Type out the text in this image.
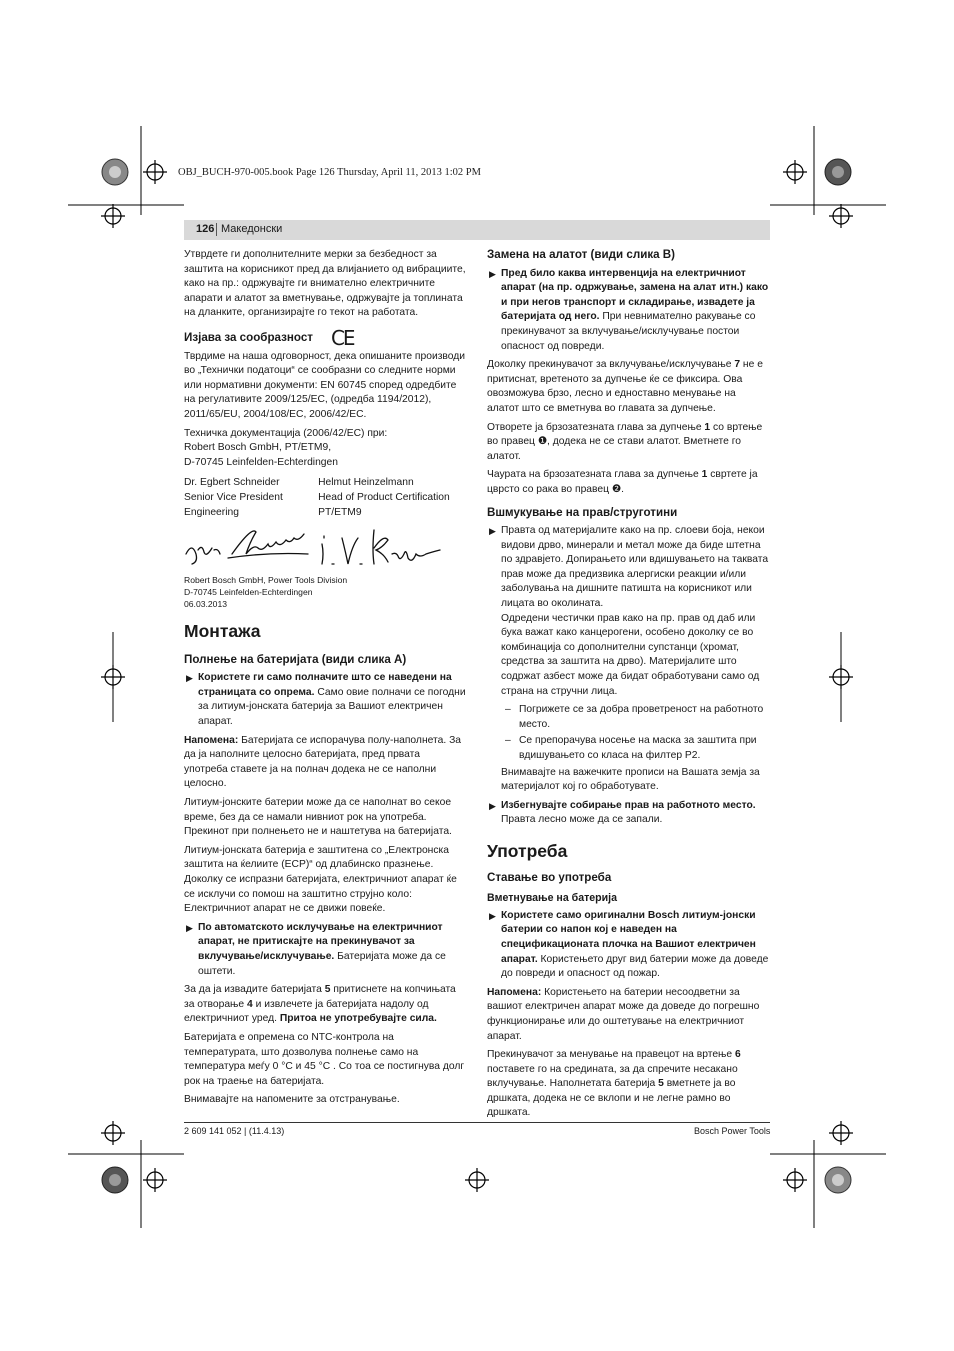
OBJ_BUCH-970-005.book Page 126 Thursday, April 11, 2013 1:02 PM
126 Македонски

Утврдете ги дополнителните мерки за безбедност за заштита на корисникот пред да влијанието од вибрациите, како на пр.: одржувајте ги внимателно електричните апарати и алатот за вметнување, одржувајте ја топлината на дланките, организирајте го текот на работата.

Изјава за сообразност CE

Тврдиме на наша одговорност, дека опишаните производи во „Технички податоци“ се сообразни со следните норми или нормативни документи: EN 60745 според одредбите на регулативите 2009/125/EC, (одредба 1194/2012), 2011/65/EU, 2004/108/EC, 2006/42/EC.

Техничка документација (2006/42/EC) при:
Robert Bosch GmbH, PT/ETM9,
D-70745 Leinfelden-Echterdingen

Dr. Egbert Schneider
Senior Vice President
Engineering
Helmut Heinzelmann
Head of Product Certification
PT/ETM9

Robert Bosch GmbH, Power Tools Division
D-70745 Leinfelden-Echterdingen
06.03.2013

Монтажа
Полнење на батеријата (види слика A)
▶ Користете ги само полначите што се наведени на страницата со опрема. Само овие полначи се погодни за литиум-јонската батерија за Вашиот електричен апарат.

Напомена: Батеријата се испорачува полу-наполнета. За да ја наполните целосно батеријата, пред првата употреба ставете ја на полнач додека не се наполни целосно.

Литиум-јонските батерии може да се наполнат во секое време, без да се намали нивниот рок на употреба. Прекинот при полнењето не и наштетува на батеријата.

Литиум-јонската батерија е заштитена со „Електронска заштита на ќелиите (ECP)“ од длабинско празнење. Доколку се испразни батеријата, електричниот апарат ќе се исклучи со помош на заштитно струјно коло: Електричниот апарат не се движи повеќе.

▶ По автоматското исклучување на електричниот апарат, не притискајте на прекинувачот за вклучување/исклучување. Батеријата може да се оштети.

За да ја извадите батеријата 5 притиснете на копчињата за отворање 4 и извлечете ја батеријата надолу од електричниот уред. Притоа не употребувајте сила.

Батеријата е опремена со NTC-контрола на температурата, што дозволува полнење само на температура меѓу 0 °C и 45 °C . Со тоа се постигнува долг рок на траење на батеријата.

Внимавајте на напомените за отстранување.

Замена на алатот (види слика B)
▶ Пред било каква интервенција на електричниот апарат (на пр. одржување, замена на алат итн.) како и при негов транспорт и складирање, извадете ја батеријата од него. При невнимателно ракување со прекинувачот за вклучување/исклучување постои опасност од повреди.

Доколку прекинувачот за вклучување/исклучување 7 не е притиснат, вретеното за дупчење ќе се фиксира. Ова овозможува брзо, лесно и едноставно менување на алатот што се вметнува во главата за дупчење.

Отворете ја брзозатезната глава за дупчење 1 со вртење во правец ❶, додека не се стави алатот. Вметнете го алатот.

Чаурата на брзозатезната глава за дупчење 1 свртете ја цврсто со рака во правец ❷.

Вшмукување на прав/струготини
▶ Правта од материјалите како на пр. слоеви боја, некои видови дрво, минерали и метал може да биде штетна по здравјето. Допирањето или вдишувањето на таквата прав може да предизвика алергиски реакции и/или заболувања на дишните патишта на корисникот или лицата во околината.
Одредени честички прав како на пр. прав од даб или бука важат како канцерогени, особено доколку се во комбинација со дополнителни супстанци (хромат, средства за заштита на дрво). Материјалите што содржат азбест може да бидат обработувани само од страна на стручни лица.
– Погрижете се за добра проветреност на работното место.
– Се препорачува носење на маска за заштита при вдишувањето со класа на филтер P2.

Внимавајте на важечките прописи на Вашата земја за материјалот кој го обработувате.

▶ Избегнувајте собирање прав на работното место.
Правта лесно може да се запали.
Употреба
Ставање во употреба
Вметнување на батерија
▶ Користете само оригинални Bosch литиум-јонски батерии со напон кој е наведен на спецификационата плочка на Вашиот електричен апарат. Користењето друг вид батерии може да доведе до повреди и опасност од пожар.

Напомена: Користењето на батерии несоодветни за вашиот електричен апарат може да доведе до погрешно функционирање или до оштетување на електричниот апарат.

Прекинувачот за менување на правецот на вртење 6 поставете го на средината, за да спречите несакано вклучување. Наполнетата батерија 5 вметнете ја во дршката, додека не се вклопи и не легне рамно во дршката.

2 609 141 052 | (11.4.13)	Bosch Power Tools
